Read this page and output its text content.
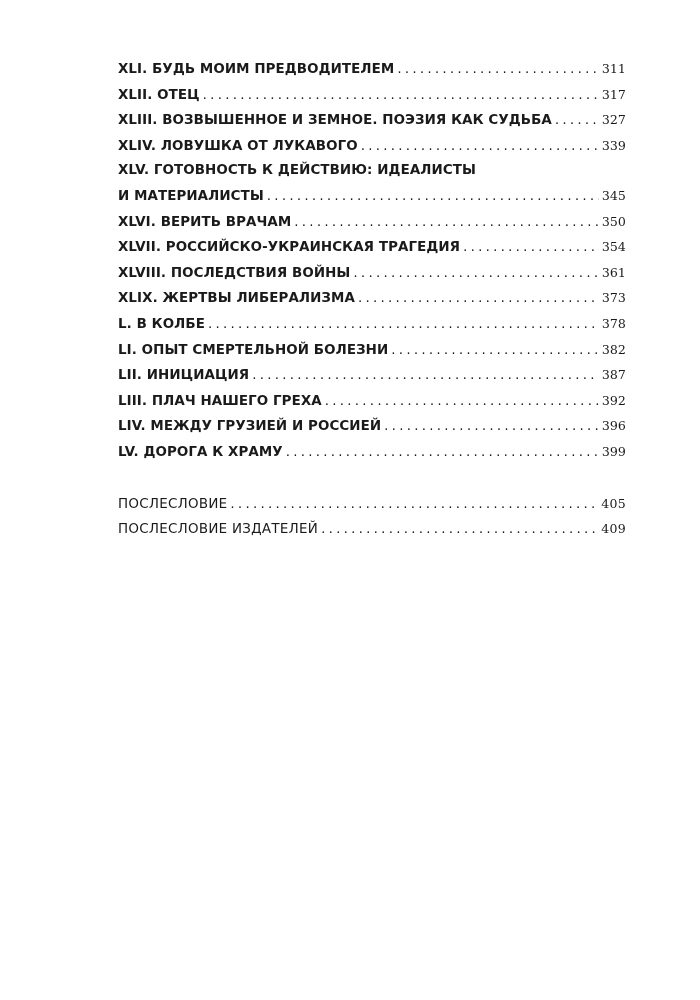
XLI. БУДЬ МОИМ ПРЕДВОДИТЕЛЕМ . . .	311
XLII. ОТЕЦ . . .	317
XLIII. ВОЗВЫШЕННОЕ И ЗЕМНОЕ. ПОЭЗИЯ КАК СУДЬБА . . .	327
XLIV. ЛОВУШКА ОТ ЛУКАВОГО . . .	339
XLV. ГОТОВНОСТЬ К ДЕЙСТВИЮ: ИДЕАЛИСТЫ
И МАТЕРИАЛИСТЫ . . .	345
XLVI. ВЕРИТЬ ВРАЧАМ . . .	350
XLVII. РОССИЙСКО-УКРАИНСКАЯ ТРАГЕДИЯ . . .	354
XLVIII. ПОСЛЕДСТВИЯ ВОЙНЫ . . .	361
XLIX. ЖЕРТВЫ ЛИБЕРАЛИЗМА . . .	373
L. В КОЛБЕ . . .	378
LI. ОПЫТ СМЕРТЕЛЬНОЙ БОЛЕЗНИ . . .	382
LII. ИНИЦИАЦИЯ . . .	387
LIII. ПЛАЧ НАШЕГО ГРЕХА . . .	392
LIV. МЕЖДУ ГРУЗИЕЙ И РОССИЕЙ . . .	396
LV. ДОРОГА К ХРАМУ . . .	399
ПОСЛЕСЛОВИЕ . . .	405
ПОСЛЕСЛОВИЕ ИЗДАТЕЛЕЙ . . .	409
